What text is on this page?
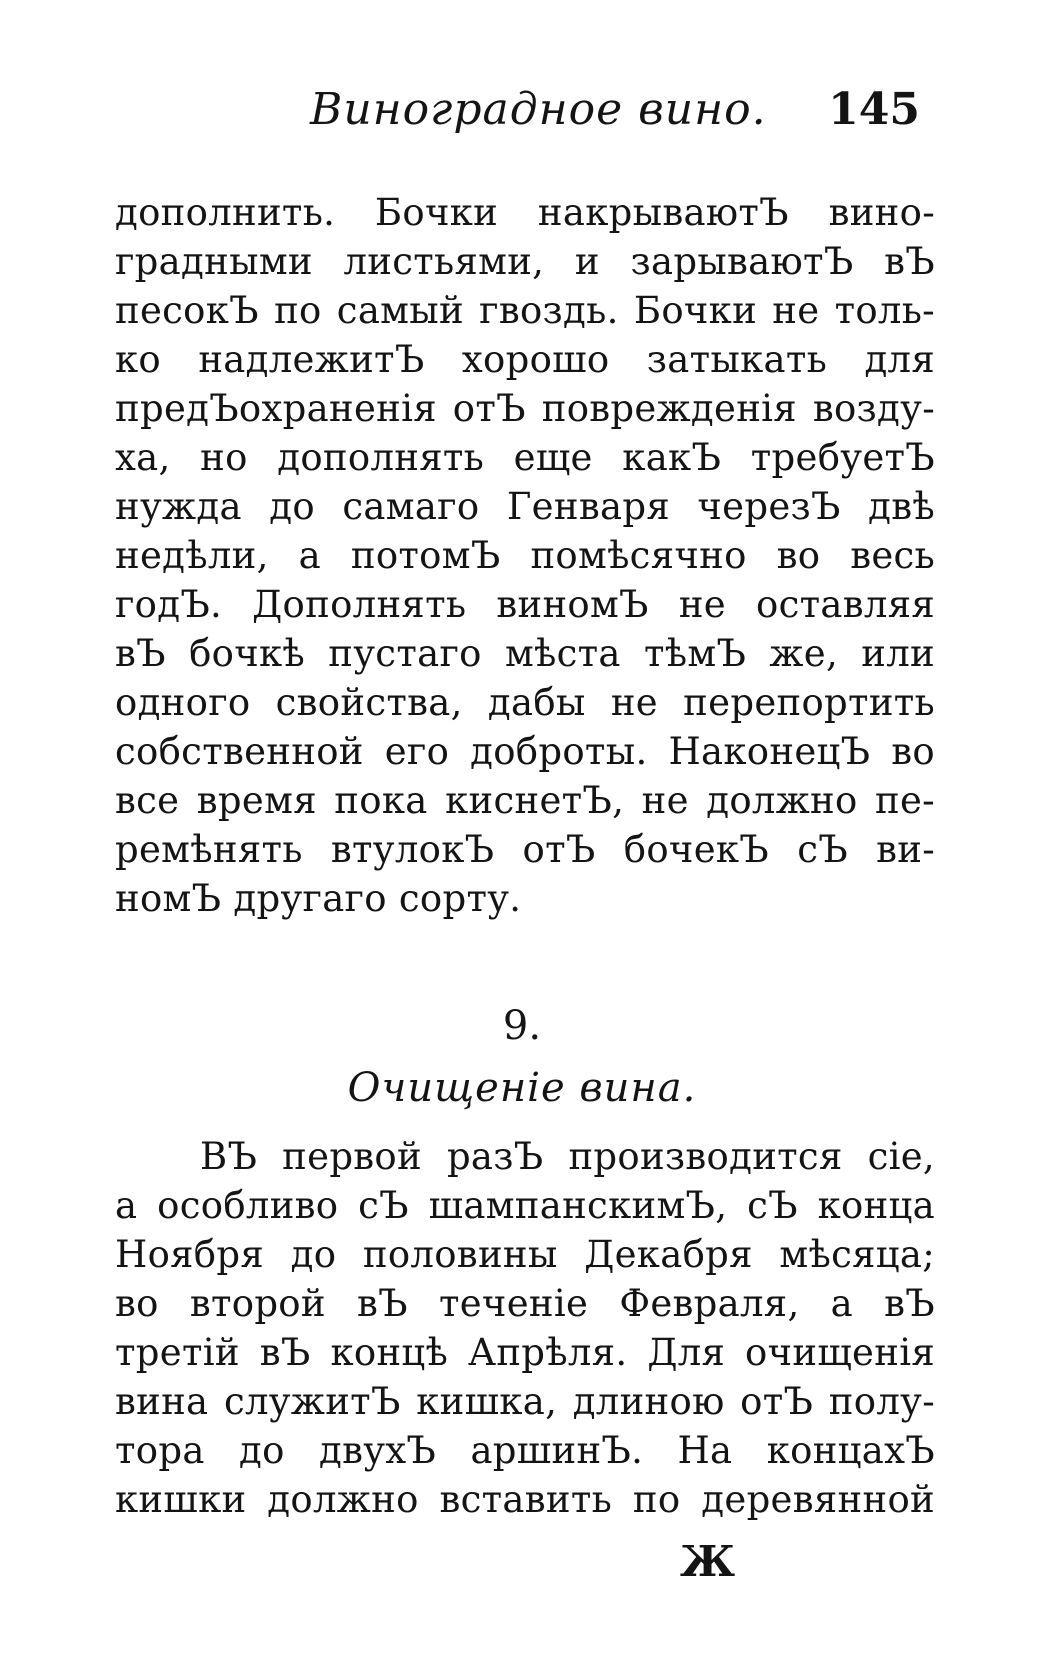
Виноградное вино. 145
дополнить. Бочки накрываютЪ вино-
градными листьями, и зарываютЪ вЪ
песокЪ по самый гвоздь. Бочки не толь-
ко надлежитЪ хорошо затыкать для
предЪохраненія отЪ поврежденія возду-
ха, но дополнять еще какЪ требуетЪ
нужда до самаго Генваря черезЪ двѣ
недѣли, а потомЪ помѣсячно во весь
годЪ. Дополнять виномЪ не оставляя
вЪ бочкѣ пустаго мѣста тѣмЪ же, или
одного свойства, дабы не перепортить
собственной его доброты. НаконецЪ во
все время пока киснетЪ, не должно пе-
ремѣнять втулокЪ отЪ бочекЪ сЪ ви-
номЪ другаго сорту.
9.
Очищеніе вина.
ВЪ первой разЪ производится сіе,
а особливо сЪ шампанскимЪ, сЪ конца
Ноября до половины Декабря мѣсяца;
во второй вЪ теченіе Февраля, а вЪ
третій вЪ концѣ Апрѣля. Для очищенія
вина служитЪ кишка, длиною отЪ полу-
тора до двухЪ аршинЪ. На концахЪ
кишки должно вставить по деревянной
Ж
